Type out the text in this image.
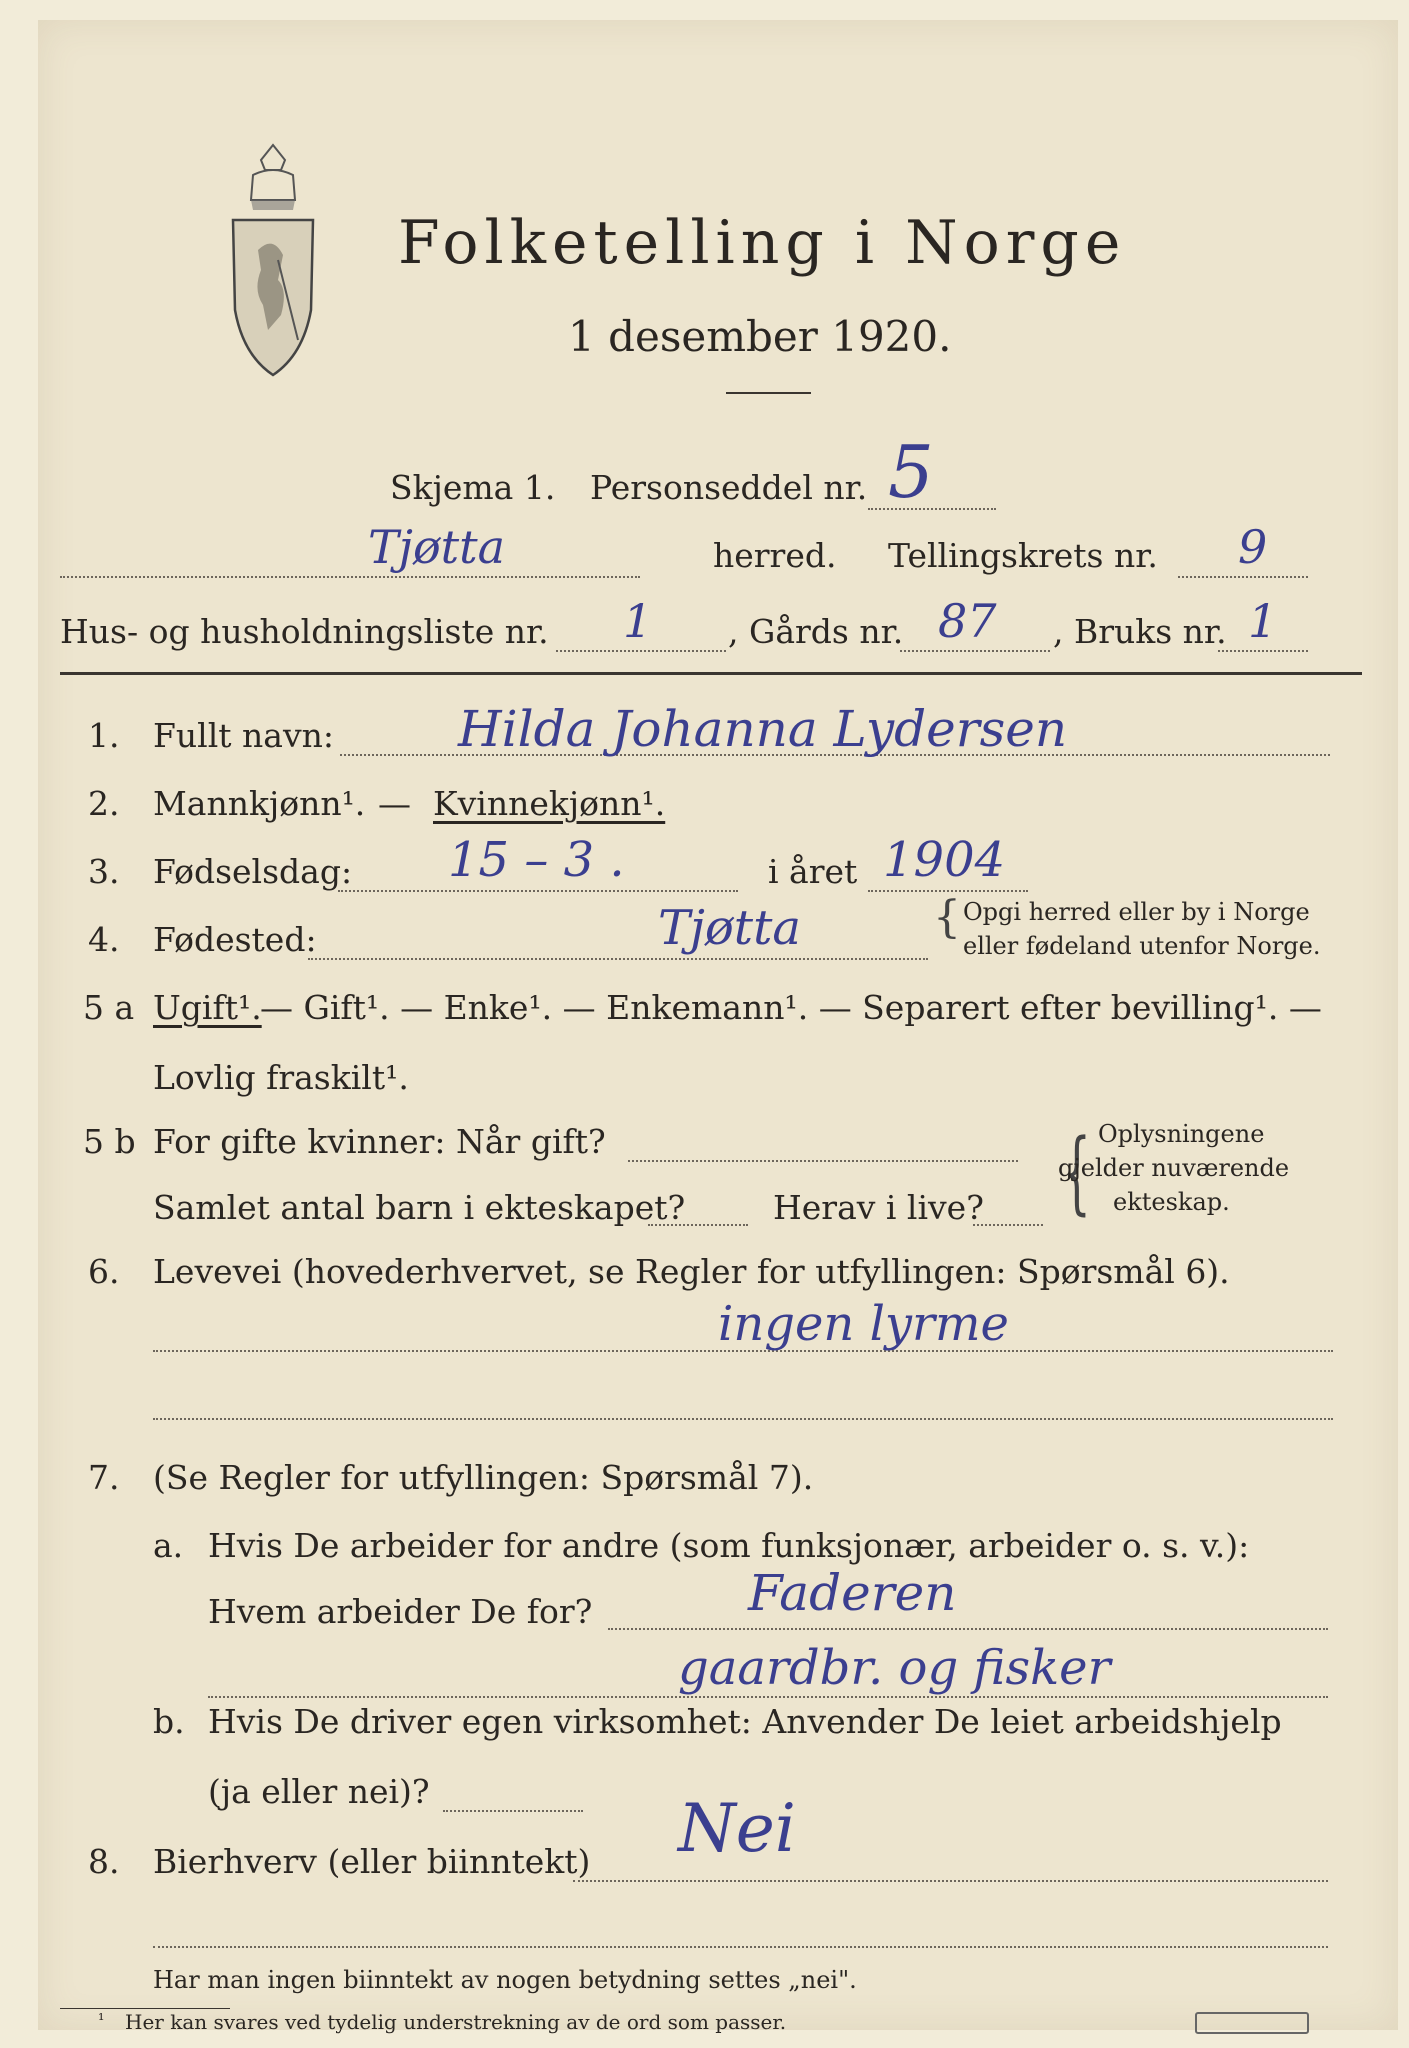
Folketelling i Norge
1 desember 1920.
Skjema 1. Personseddel nr. 5
Tjøtta	herred. Tellingskrets nr. 9
Hus- og husholdningsliste nr. 1 , Gårds nr. 87 , Bruks nr. 1
1. Fullt navn: Hilda Johanna Lydersen
2. Mannkjønn¹. — Kvinnekjønn¹.
3. Fødselsdag: 15 – 3 .	i året 1904
4. Fødested:	Tjøtta	{ Opgi herred eller by i Norge
eller fødeland utenfor Norge.
5 a Ugift¹.
— Gift¹. — Enke¹. — Enkemann¹. — Separert efter bevilling¹. —
Lovlig fraskilt¹.
5 b For gifte kvinner: Når gift?
Samlet antal barn i ekteskapet?	Herav i live? { Oplysningene
gjelder nuværende
ekteskap.
6. Levevei (hovederhvervet, se Regler for utfyllingen: Spørsmål 6).
ingen lyrme
7. (Se Regler for utfyllingen: Spørsmål 7).
a. Hvis De arbeider for andre (som funksjonær, arbeider o. s. v.):
Hvem arbeider De for?	Faderen
gaardbr. og fisker
b. Hvis De driver egen virksomhet: Anvender De leiet arbeidshjelp
(ja eller nei)?
8. Bierhverv (eller biinntekt) Nei
Har man ingen biinntekt av nogen betydning settes „nei".
¹ Her kan svares ved tydelig understrekning av de ord som passer.
